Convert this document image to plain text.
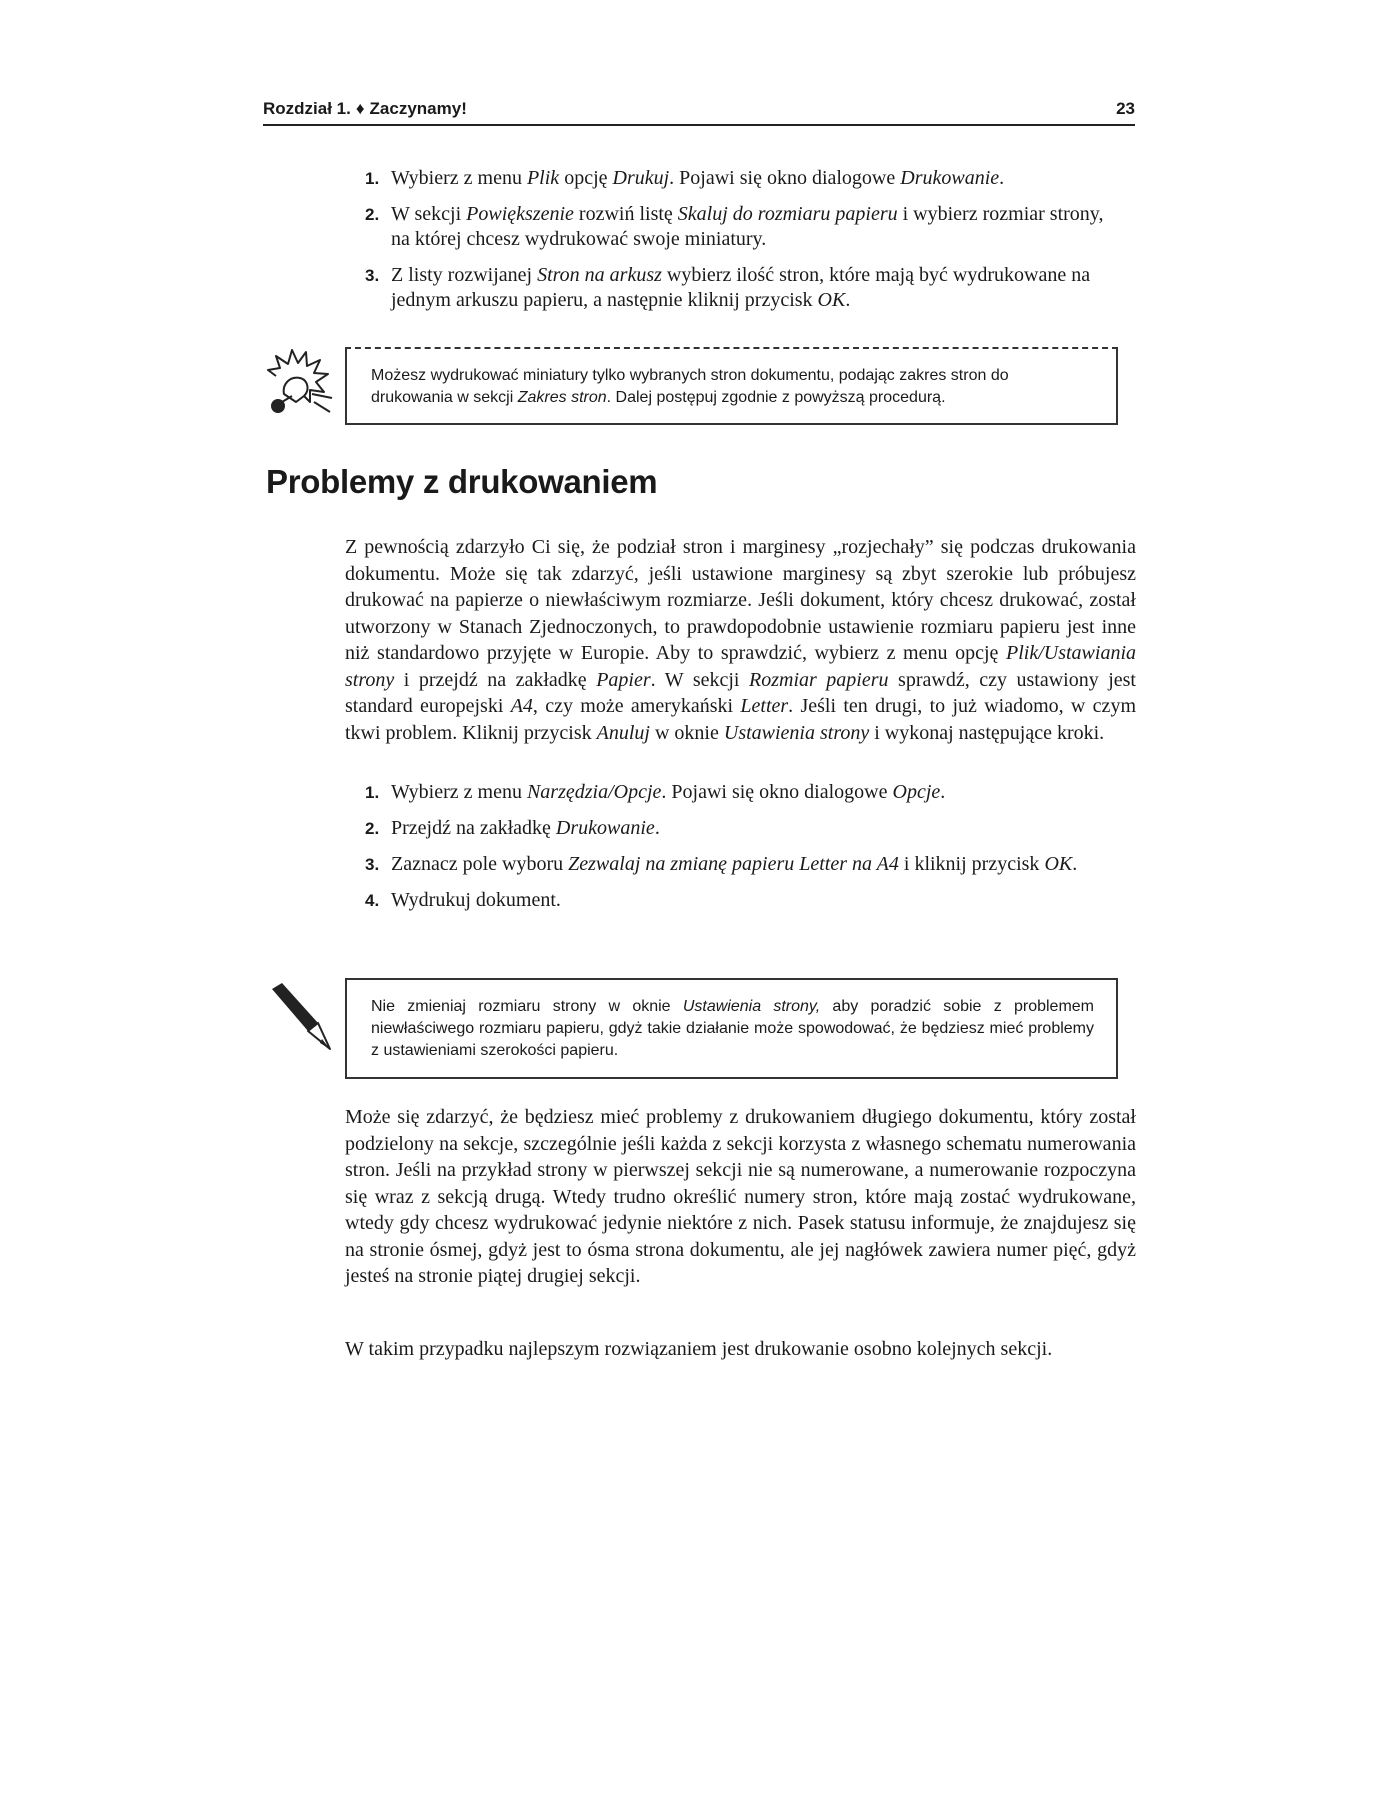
Rozdział 1. ♦ Zaczynamy!	23
1. Wybierz z menu Plik opcję Drukuj. Pojawi się okno dialogowe Drukowanie.
2. W sekcji Powiększenie rozwiń listę Skaluj do rozmiaru papieru i wybierz rozmiar strony, na której chcesz wydrukować swoje miniatury.
3. Z listy rozwijanej Stron na arkusz wybierz ilość stron, które mają być wydrukowane na jednym arkuszu papieru, a następnie kliknij przycisk OK.
Możesz wydrukować miniatury tylko wybranych stron dokumentu, podając zakres stron do drukowania w sekcji Zakres stron. Dalej postępuj zgodnie z powyższą procedurą.
Problemy z drukowaniem

Z pewnością zdarzyło Ci się, że podział stron i marginesy „rozjechały” się podczas drukowania dokumentu. Może się tak zdarzyć, jeśli ustawione marginesy są zbyt szerokie lub próbujesz drukować na papierze o niewłaściwym rozmiarze. Jeśli dokument, który chcesz drukować, został utworzony w Stanach Zjednoczonych, to prawdopodobnie ustawienie rozmiaru papieru jest inne niż standardowo przyjęte w Europie. Aby to sprawdzić, wybierz z menu opcję Plik/Ustawiania strony i przejdź na zakładkę Papier. W sekcji Rozmiar papieru sprawdź, czy ustawiony jest standard europejski A4, czy może amerykański Letter. Jeśli ten drugi, to już wiadomo, w czym tkwi problem. Kliknij przycisk Anuluj w oknie Ustawienia strony i wykonaj następujące kroki.

1. Wybierz z menu Narzędzia/Opcje. Pojawi się okno dialogowe Opcje.
2. Przejdź na zakładkę Drukowanie.
3. Zaznacz pole wyboru Zezwalaj na zmianę papieru Letter na A4 i kliknij przycisk OK.
4. Wydrukuj dokument.
Nie zmieniaj rozmiaru strony w oknie Ustawienia strony, aby poradzić sobie z problemem niewłaściwego rozmiaru papieru, gdyż takie działanie może spowodować, że będziesz mieć problemy z ustawieniami szerokości papieru.

Może się zdarzyć, że będziesz mieć problemy z drukowaniem długiego dokumentu, który został podzielony na sekcje, szczególnie jeśli każda z sekcji korzysta z własnego schematu numerowania stron. Jeśli na przykład strony w pierwszej sekcji nie są numerowane, a numerowanie rozpoczyna się wraz z sekcją drugą. Wtedy trudno określić numery stron, które mają zostać wydrukowane, wtedy gdy chcesz wydrukować jedynie niektóre z nich. Pasek statusu informuje, że znajdujesz się na stronie ósmej, gdyż jest to ósma strona dokumentu, ale jej nagłówek zawiera numer pięć, gdyż jesteś na stronie piątej drugiej sekcji.

W takim przypadku najlepszym rozwiązaniem jest drukowanie osobno kolejnych sekcji.
